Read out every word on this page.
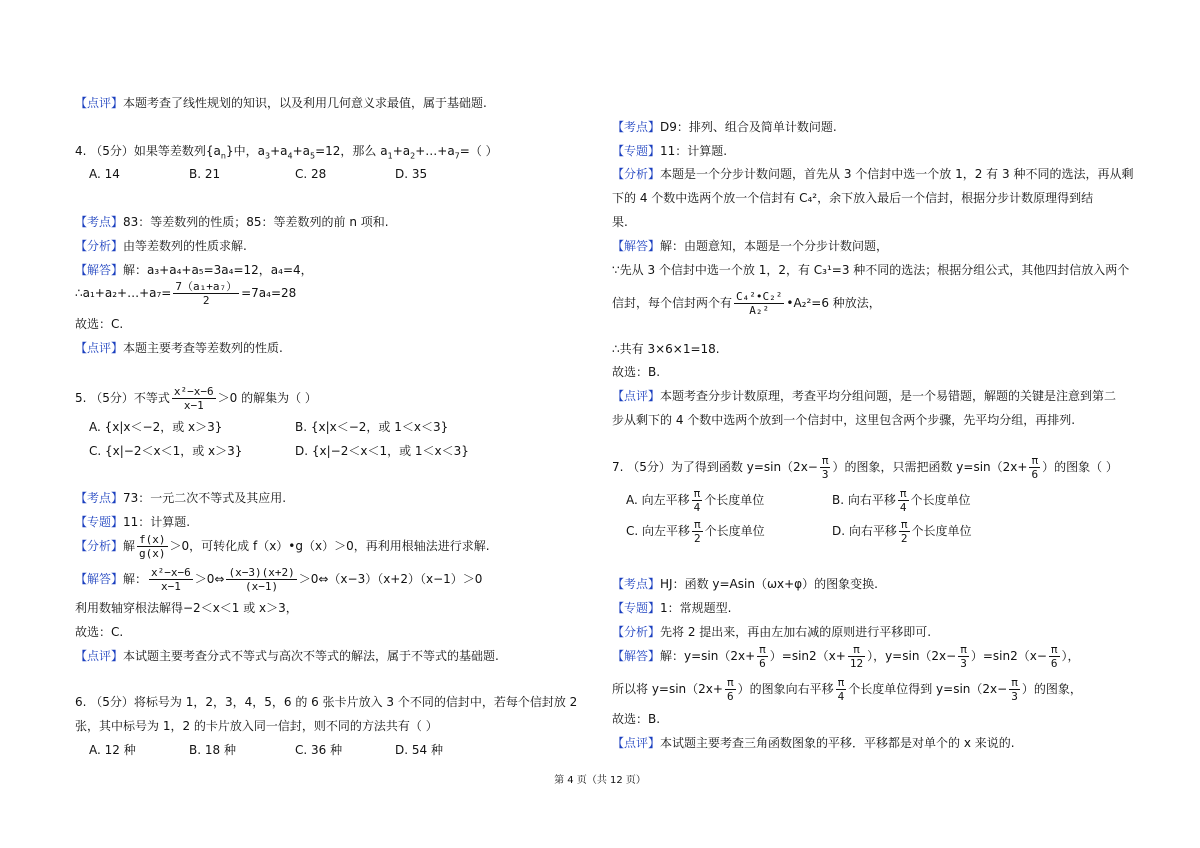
【点评】本题考查了线性规划的知识，以及利用几何意义求最值，属于基础题.
4. （5分）如果等差数列$\{a_n\}$中，$a_3+a_4+a_5=12$，那么 $a_1+a_2+\dots+a_7=$（ ）
A. 14	B. 21	C. 28	D. 35
【考点】83：等差数列的性质；85：等差数列的前 n 项和.
【分析】由等差数列的性质求解.
【解答】解：a₃+a₄+a₅=3a₄=12，a₄=4，
∴a₁+a₂+…+a₇= $\frac{\text{7（a₁+a₇）}}{2} =7a_4=28$
故选：C.
【点评】本题主要考查等差数列的性质.
5. （5分）不等式 $\frac{\text{x²−x−6}}{x-1} >0$ 的解集为（ ）
A. {x|x＜−2，或 x＞3}	B. {x|x＜−2，或 1＜x＜3}
C. {x|−2＜x＜1，或 x＞3}	D. {x|−2＜x＜1，或 1＜x＜3}
【考点】73：一元二次不等式及其应用.
【专题】11：计算题.
【分析】解 $\frac{f(x)}{g(x)} >0$，可转化成 f（x）•g（x）＞0，再利用根轴法进行求解.
【解答】解： $\frac{\text{x²−x−6}}{x-1}$ ＞0⇔ $\frac{(x-3)(x+2)}{(x-1)}$ ＞0⇔（x−3）（x+2）（x−1）＞0
利用数轴穿根法解得−2＜x＜1 或 x＞3，
故选：C.
【点评】本试题主要考查分式不等式与高次不等式的解法，属于不等式的基础题.
6. （5分）将标号为 1，2，3，4，5，6 的 6 张卡片放入 3 个不同的信封中，若每个信封放 2
张，其中标号为 1，2 的卡片放入同一信封，则不同的方法共有（ ）
A. 12 种	B. 18 种	C. 36 种	D. 54 种
【考点】D9：排列、组合及简单计数问题.
【专题】11：计算题.
【分析】本题是一个分步计数问题，首先从 3 个信封中选一个放 1，2 有 3 种不同的选法，再从剩
下的 4 个数中选两个放一个信封有 C₄²，余下放入最后一个信封，根据分步计数原理得到结
果.
【解答】解：由题意知，本题是一个分步计数问题，
∵先从 3 个信封中选一个放 1，2，有 C₃¹=3 种不同的选法；根据分组公式，其他四封信放入两个
信封，每个信封两个有 $\frac{\text{C₄²•C₂²}}{\text{A₂²}}$ •A₂²=6 种放法，
∴共有 3×6×1=18.
故选：B.
【点评】本题考查分步计数原理，考查平均分组问题，是一个易错题，解题的关键是注意到第二
步从剩下的 4 个数中选两个放到一个信封中，这里包含两个步骤，先平均分组，再排列.
7. （5分）为了得到函数 $y=\sin(2x- \frac{\pi}{3}$ ）的图象，只需把函数 $y=\sin(2x+ \frac{\pi}{6}$ ）的图象（ ）
A. 向左平移 $\frac{\pi}{4}$ 个长度单位	B. 向右平移 $\frac{\pi}{4}$ 个长度单位
C. 向左平移 $\frac{\pi}{2}$ 个长度单位	D. 向右平移 $\frac{\pi}{2}$ 个长度单位
【考点】HJ：函数 y=Asin（ωx+φ）的图象变换.
【专题】1：常规题型.
【分析】先将 2 提出来，再由左加右减的原则进行平移即可.
【解答】解：$y=\sin(2x+ \frac{\pi}{6} )=\sin 2(x+ \frac{\pi}{12}$ ），$y=\sin(2x- \frac{\pi}{3} )=\sin 2(x- \frac{\pi}{6}$ ），
所以将 $y=\sin(2x+ \frac{\pi}{6}$ ）的图象向右平移 $\frac{\pi}{4}$ 个长度单位得到 $y=\sin(2x- \frac{\pi}{3}$ ）的图象，
故选：B.
【点评】本试题主要考查三角函数图象的平移．平移都是对单个的 x 来说的.
第 4 页（共 12 页）
